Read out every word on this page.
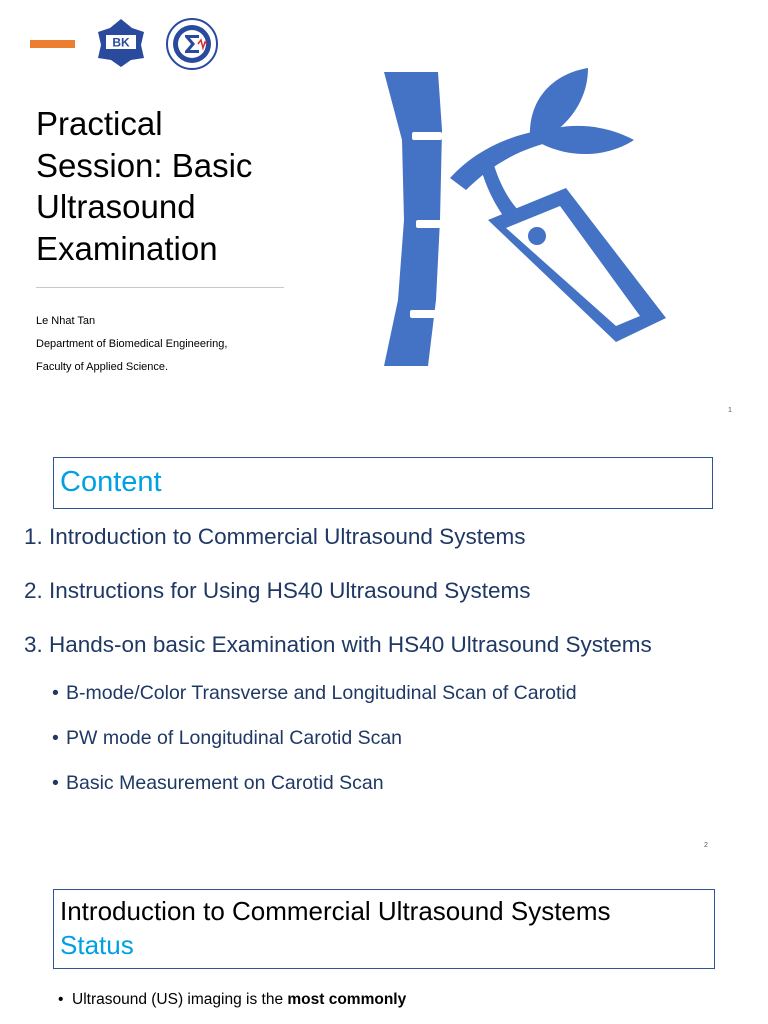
BK
Practical Session: Basic Ultrasound Examination
Le Nhat Tan
Department of Biomedical Engineering,
Faculty of Applied Science.
1
Content
1. Introduction to Commercial Ultrasound Systems
2. Instructions for Using HS40 Ultrasound Systems
3. Hands-on basic Examination with HS40 Ultrasound Systems
• B-mode/Color Transverse and Longitudinal Scan of Carotid
• PW mode of Longitudinal Carotid Scan
• Basic Measurement on Carotid Scan
2
Introduction to Commercial Ultrasound Systems
Status
• Ultrasound (US) imaging is the most commonly
